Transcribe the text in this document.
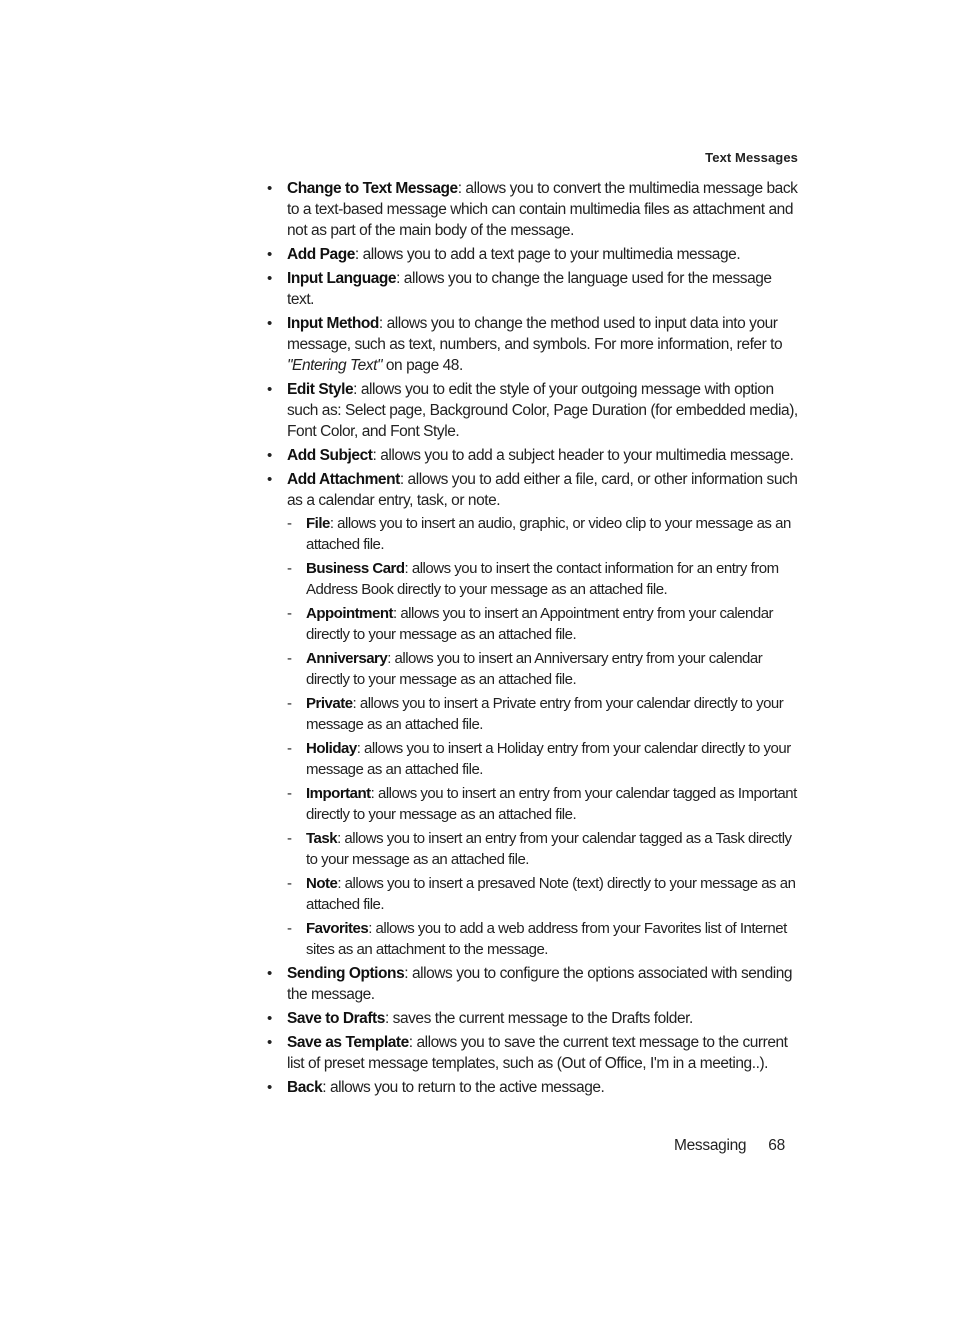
Text Messages
• Change to Text Message: allows you to convert the multimedia message back to a text-based message which can contain multimedia files as attachment and not as part of the main body of the message.
• Add Page: allows you to add a text page to your multimedia message.
• Input Language: allows you to change the language used for the message text.
• Input Method: allows you to change the method used to input data into your message, such as text, numbers, and symbols. For more information, refer to "Entering Text" on page 48.
• Edit Style: allows you to edit the style of your outgoing message with option such as: Select page, Background Color, Page Duration (for embedded media), Font Color, and Font Style.
• Add Subject: allows you to add a subject header to your multimedia message.
• Add Attachment: allows you to add either a file, card, or other information such as a calendar entry, task, or note.
- File: allows you to insert an audio, graphic, or video clip to your message as an attached file.
- Business Card: allows you to insert the contact information for an entry from Address Book directly to your message as an attached file.
- Appointment: allows you to insert an Appointment entry from your calendar directly to your message as an attached file.
- Anniversary: allows you to insert an Anniversary entry from your calendar directly to your message as an attached file.
- Private: allows you to insert a Private entry from your calendar directly to your message as an attached file.
- Holiday: allows you to insert a Holiday entry from your calendar directly to your message as an attached file.
- Important: allows you to insert an entry from your calendar tagged as Important directly to your message as an attached file.
- Task: allows you to insert an entry from your calendar tagged as a Task directly to your message as an attached file.
- Note: allows you to insert a presaved Note (text) directly to your message as an attached file.
- Favorites: allows you to add a web address from your Favorites list of Internet sites as an attachment to the message.
• Sending Options: allows you to configure the options associated with sending the message.
• Save to Drafts: saves the current message to the Drafts folder.
• Save as Template: allows you to save the current text message to the current list of preset message templates, such as (Out of Office, I'm in a meeting..).
• Back: allows you to return to the active message.
Messaging 68
